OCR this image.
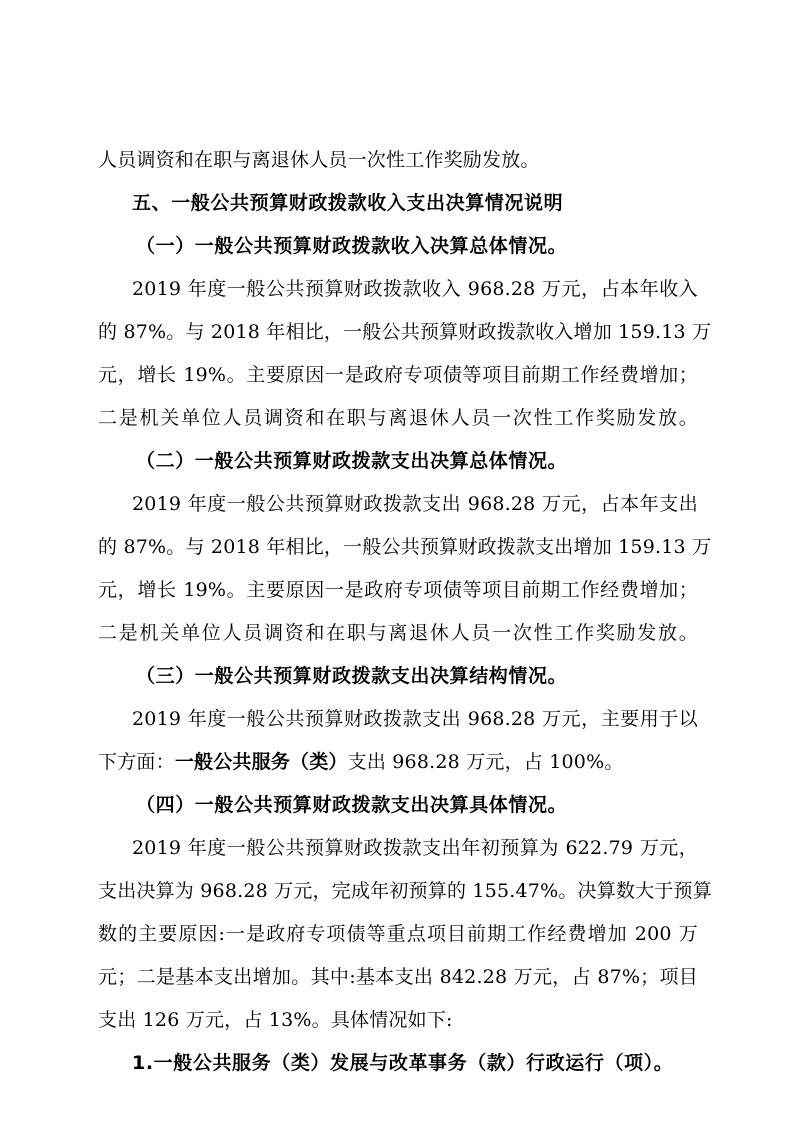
人员调资和在职与离退休人员一次性工作奖励发放。
五、一般公共预算财政拨款收入支出决算情况说明
（一）一般公共预算财政拨款收入决算总体情况。
2019 年度一般公共预算财政拨款收入 968.28 万元，占本年收入
的 87%。与 2018 年相比，一般公共预算财政拨款收入增加 159.13 万
元，增长 19%。主要原因一是政府专项债等项目前期工作经费增加；
二是机关单位人员调资和在职与离退休人员一次性工作奖励发放。
（二）一般公共预算财政拨款支出决算总体情况。
2019 年度一般公共预算财政拨款支出 968.28 万元，占本年支出
的 87%。与 2018 年相比，一般公共预算财政拨款支出增加 159.13 万
元，增长 19%。主要原因一是政府专项债等项目前期工作经费增加；
二是机关单位人员调资和在职与离退休人员一次性工作奖励发放。
（三）一般公共预算财政拨款支出决算结构情况。
2019 年度一般公共预算财政拨款支出 968.28 万元，主要用于以
下方面：一般公共服务（类）支出 968.28 万元，占 100%。
（四）一般公共预算财政拨款支出决算具体情况。
2019 年度一般公共预算财政拨款支出年初预算为 622.79 万元，
支出决算为 968.28 万元，完成年初预算的 155.47%。决算数大于预算
数的主要原因:一是政府专项债等重点项目前期工作经费增加 200 万
元；二是基本支出增加。其中:基本支出 842.28 万元，占 87%；项目
支出 126 万元，占 13%。具体情况如下:
1.一般公共服务（类）发展与改革事务（款）行政运行（项）。
